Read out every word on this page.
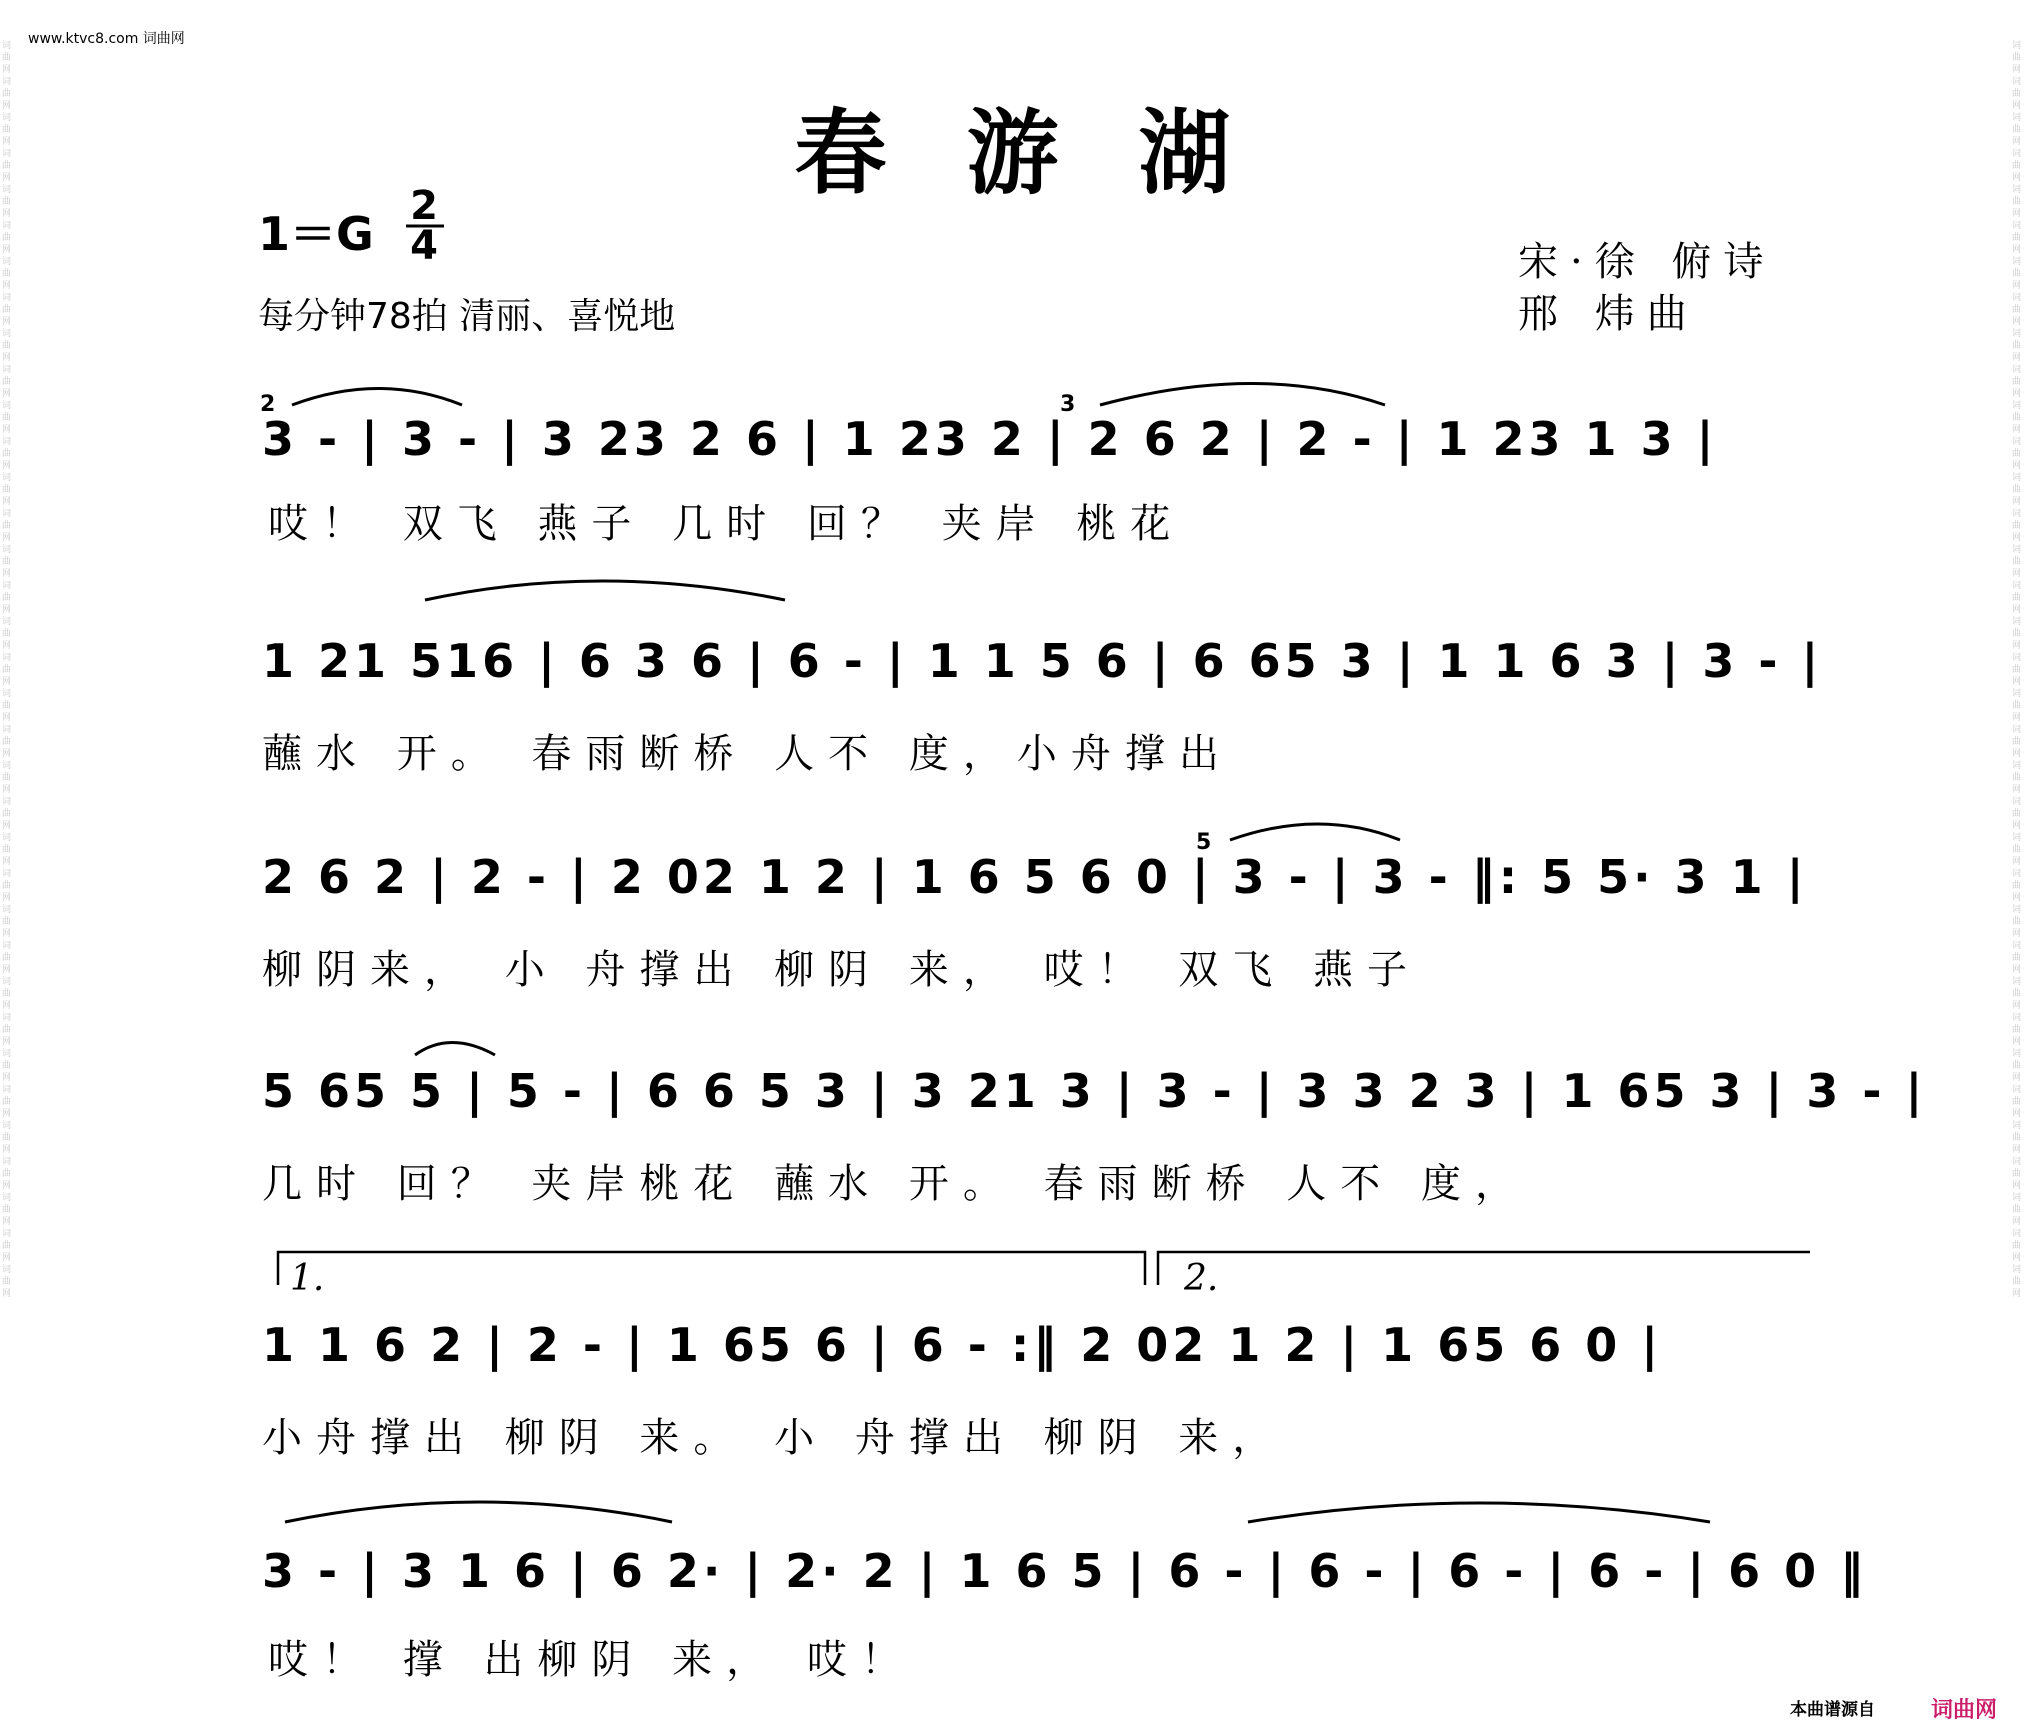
www.ktvc8.com 词曲网
词曲网词曲网词曲网词曲网词曲网词曲网词曲网词曲网词曲网词曲网词曲网词曲网词曲网词曲网词曲网词曲网词曲网词曲网词曲网词曲网词曲网词曲网词曲网词曲网词曲网词曲网词曲网词曲网词曲网词曲网词曲网词曲网词曲网词曲网词曲网
词曲网词曲网词曲网词曲网词曲网词曲网词曲网词曲网词曲网词曲网词曲网词曲网词曲网词曲网词曲网词曲网词曲网词曲网词曲网词曲网词曲网词曲网词曲网词曲网词曲网词曲网词曲网词曲网词曲网词曲网词曲网词曲网词曲网词曲网词曲网
春游湖
1＝G
2
4
每分钟78拍 清丽、喜悦地
宋·徐 俯诗
邢 炜曲
1.	2.
2	3
5
3 - | 3 - | 3 23 2 6 | 1 23 2 | 2 6 2 | 2 - | 1 23 1 3 |
哎！ 双飞 燕子 几时 回？ 夹岸 桃花
1 21 516 | 6 3 6 | 6 - | 1 1 5 6 | 6 65 3 | 1 1 6 3 | 3 - |
蘸水 开。 春雨断桥 人不 度，小舟撑出
2 6 2 | 2 - | 2 02 1 2 | 1 6 5 6 0 | 3 - | 3 - ‖: 5 5· 3 1 |
柳阴来， 小 舟撑出 柳阴 来， 哎！ 双飞 燕子
5 65 5 | 5 - | 6 6 5 3 | 3 21 3 | 3 - | 3 3 2 3 | 1 65 3 | 3 - |
几时 回？ 夹岸桃花 蘸水 开。 春雨断桥 人不 度，
1 1 6 2 | 2 - | 1 65 6 | 6 - :‖ 2 02 1 2 | 1 65 6 0 |
小舟撑出 柳阴 来。 小 舟撑出 柳阴 来，
3 - | 3 1 6 | 6 2· | 2· 2 | 1 6 5 | 6 - | 6 - | 6 - | 6 - | 6 0 ‖
哎！ 撑 出柳阴 来， 哎！
本曲谱源自	词曲网
